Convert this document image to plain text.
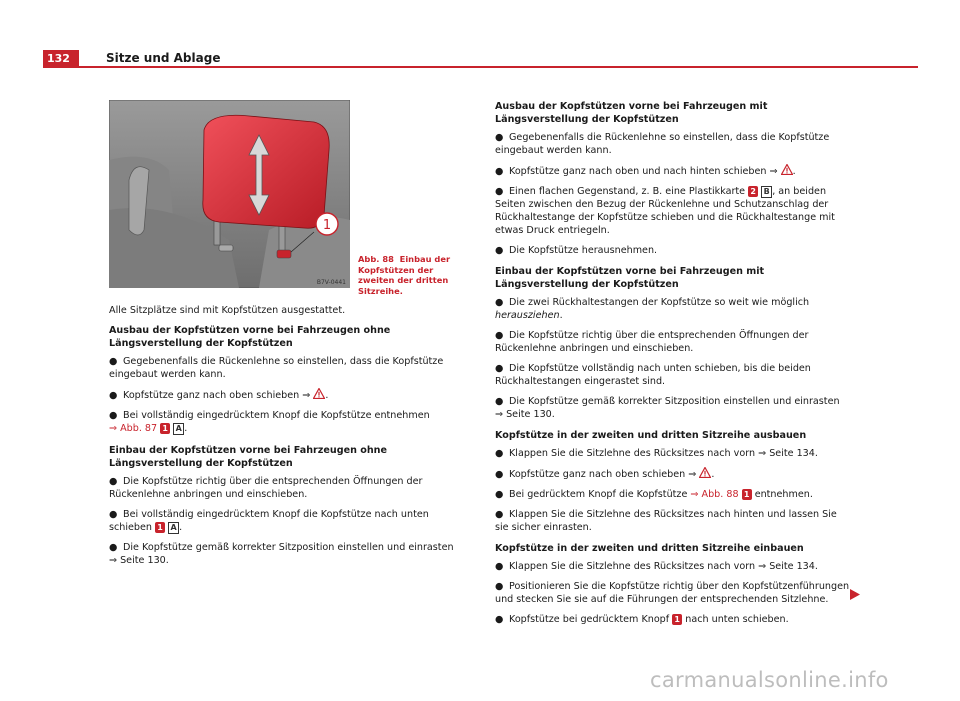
132	Sitze und Ablage
1
B7V-0441
Abb. 88 Einbau der Kopfstützen der zweiten der dritten Sitzreihe.

Alle Sitzplätze sind mit Kopfstützen ausgestattet.

Ausbau der Kopfstützen vorne bei Fahrzeugen ohne Längsverstellung der Kopfstützen

● Gegebenenfalls die Rückenlehne so einstellen, dass die Kopfstütze eingebaut werden kann.

● Kopfstütze ganz nach oben schieben ⇒ .

● Bei vollständig eingedrücktem Knopf die Kopfstütze entnehmen
⇒ Abb. 87 1 A .

Einbau der Kopfstützen vorne bei Fahrzeugen ohne Längsverstellung der Kopfstützen

● Die Kopfstütze richtig über die entsprechenden Öffnungen der Rückenlehne anbringen und einschieben.

● Bei vollständig eingedrücktem Knopf die Kopfstütze nach unten schieben 1 A .

● Die Kopfstütze gemäß korrekter Sitzposition einstellen und einrasten ⇒ Seite 130.

Ausbau der Kopfstützen vorne bei Fahrzeugen mit Längsverstellung der Kopfstützen

● Gegebenenfalls die Rückenlehne so einstellen, dass die Kopfstütze eingebaut werden kann.

● Kopfstütze ganz nach oben und nach hinten schieben ⇒ .

● Einen flachen Gegenstand, z. B. eine Plastikkarte 2 B , an beiden Seiten zwischen den Bezug der Rückenlehne und Schutzanschlag der Rückhaltestange der Kopfstütze schieben und die Rückhaltestange mit etwas Druck entriegeln.

● Die Kopfstütze herausnehmen.

Einbau der Kopfstützen vorne bei Fahrzeugen mit Längsverstellung der Kopfstützen

● Die zwei Rückhaltestangen der Kopfstütze so weit wie möglich herausziehen.

● Die Kopfstütze richtig über die entsprechenden Öffnungen der Rückenlehne anbringen und einschieben.

● Die Kopfstütze vollständig nach unten schieben, bis die beiden Rückhaltestangen eingerastet sind.

● Die Kopfstütze gemäß korrekter Sitzposition einstellen und einrasten ⇒ Seite 130.

Kopfstütze in der zweiten und dritten Sitzreihe ausbauen

● Klappen Sie die Sitzlehne des Rücksitzes nach vorn ⇒ Seite 134.

● Kopfstütze ganz nach oben schieben ⇒ .

● Bei gedrücktem Knopf die Kopfstütze ⇒ Abb. 88 1 entnehmen.

● Klappen Sie die Sitzlehne des Rücksitzes nach hinten und lassen Sie sie sicher einrasten.

Kopfstütze in der zweiten und dritten Sitzreihe einbauen

● Klappen Sie die Sitzlehne des Rücksitzes nach vorn ⇒ Seite 134.

● Positionieren Sie die Kopfstütze richtig über den Kopfstützenführungen und stecken Sie sie auf die Führungen der entsprechenden Sitzlehne.

● Kopfstütze bei gedrücktem Knopf 1 nach unten schieben.

carmanualsonline.info
